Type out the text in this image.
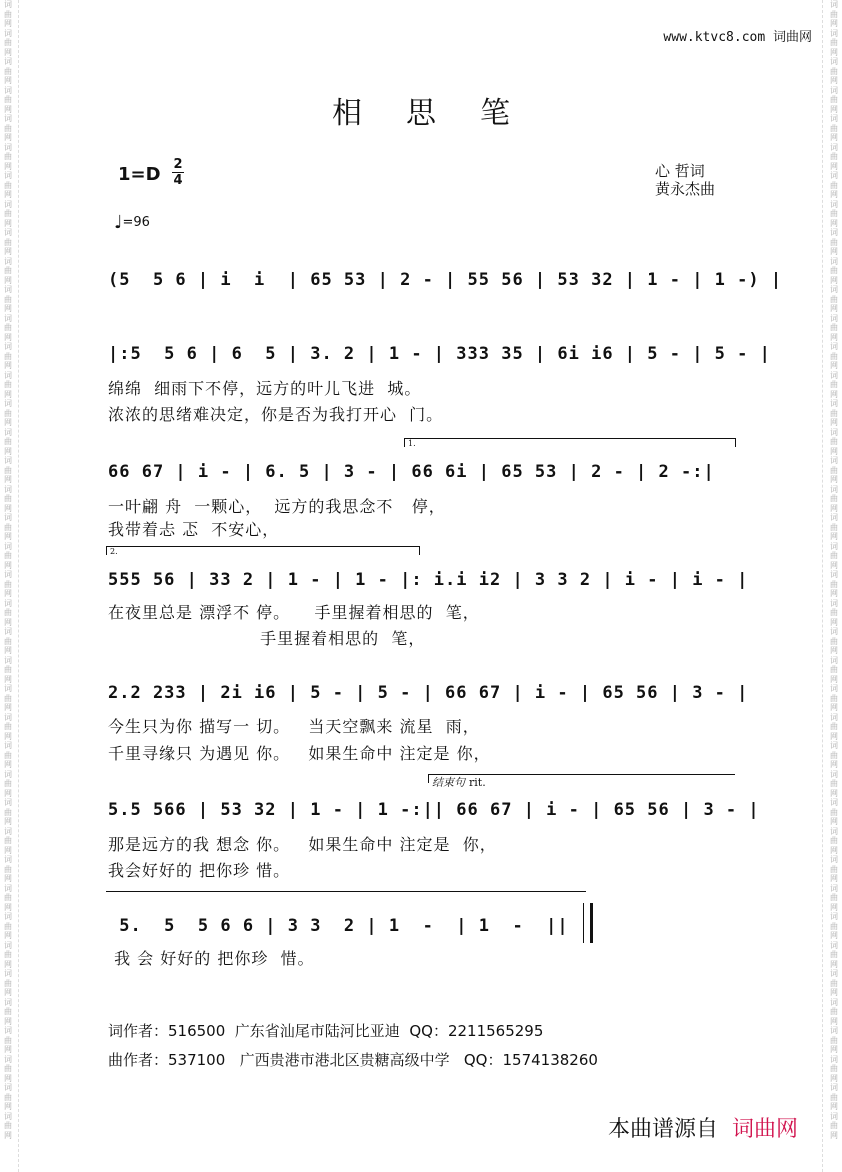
词曲网词曲网词曲网词曲网词曲网词曲网词曲网词曲网词曲网词曲网词曲网词曲网词曲网词曲网词曲网词曲网词曲网词曲网词曲网词曲网词曲网词曲网词曲网词曲网词曲网词曲网词曲网词曲网词曲网词曲网词曲网词曲网词曲网词曲网词曲网词曲网词曲网词曲网词曲网词曲网
词曲网词曲网词曲网词曲网词曲网词曲网词曲网词曲网词曲网词曲网词曲网词曲网词曲网词曲网词曲网词曲网词曲网词曲网词曲网词曲网词曲网词曲网词曲网词曲网词曲网词曲网词曲网词曲网词曲网词曲网词曲网词曲网词曲网词曲网词曲网词曲网词曲网词曲网词曲网词曲网
www.ktvc8.com 词曲网
相思笔
1=D 2
4
心 哲词
黄永杰曲
♩=96
(5  5 6 | i  i  | 65 53 | 2 - | 55 56 | 53 32 | 1 - | 1 -) |
|:5  5 6 | 6  5 | 3. 2 | 1 - | 333 35 | 6i i6 | 5 - | 5 - |
绵绵  细雨下不停，远方的叶儿飞进  城。
浓浓的思绪难决定，你是否为我打开心  门。
1.
66 67 | i - | 6. 5 | 3 - | 66 6i | 65 53 | 2 - | 2 -:|
一叶翩 舟  一颗心，  远方的我思念不   停，
我带着忐 忑  不安心，
2.
555 56 | 33 2 | 1 - | 1 - |: i.i i2 | 3 3 2 | i - | i - |
在夜里总是 漂浮不 停。    手里握着相思的  笔，
手里握着相思的  笔，
2.2 233 | 2i i6 | 5 - | 5 - | 66 67 | i - | 65 56 | 3 - |
今生只为你 描写一 切。   当天空飘来 流星  雨，
千里寻缘只 为遇见 你。   如果生命中 注定是 你，
结束句 rit.
5.5 566 | 53 32 | 1 - | 1 -:|| 66 67 | i - | 65 56 | 3 - |
那是远方的我 想念 你。   如果生命中 注定是  你，
我会好好的 把你珍 惜。
5.  5  5 6 6 | 3 3  2 | 1  -  | 1  -  ||
我 会 好好的 把你珍  惜。
词作者：516500  广东省汕尾市陆河比亚迪  QQ：2211565295
曲作者：537100   广西贵港市港北区贵糖高级中学   QQ：1574138260
本曲谱源自 词曲网
